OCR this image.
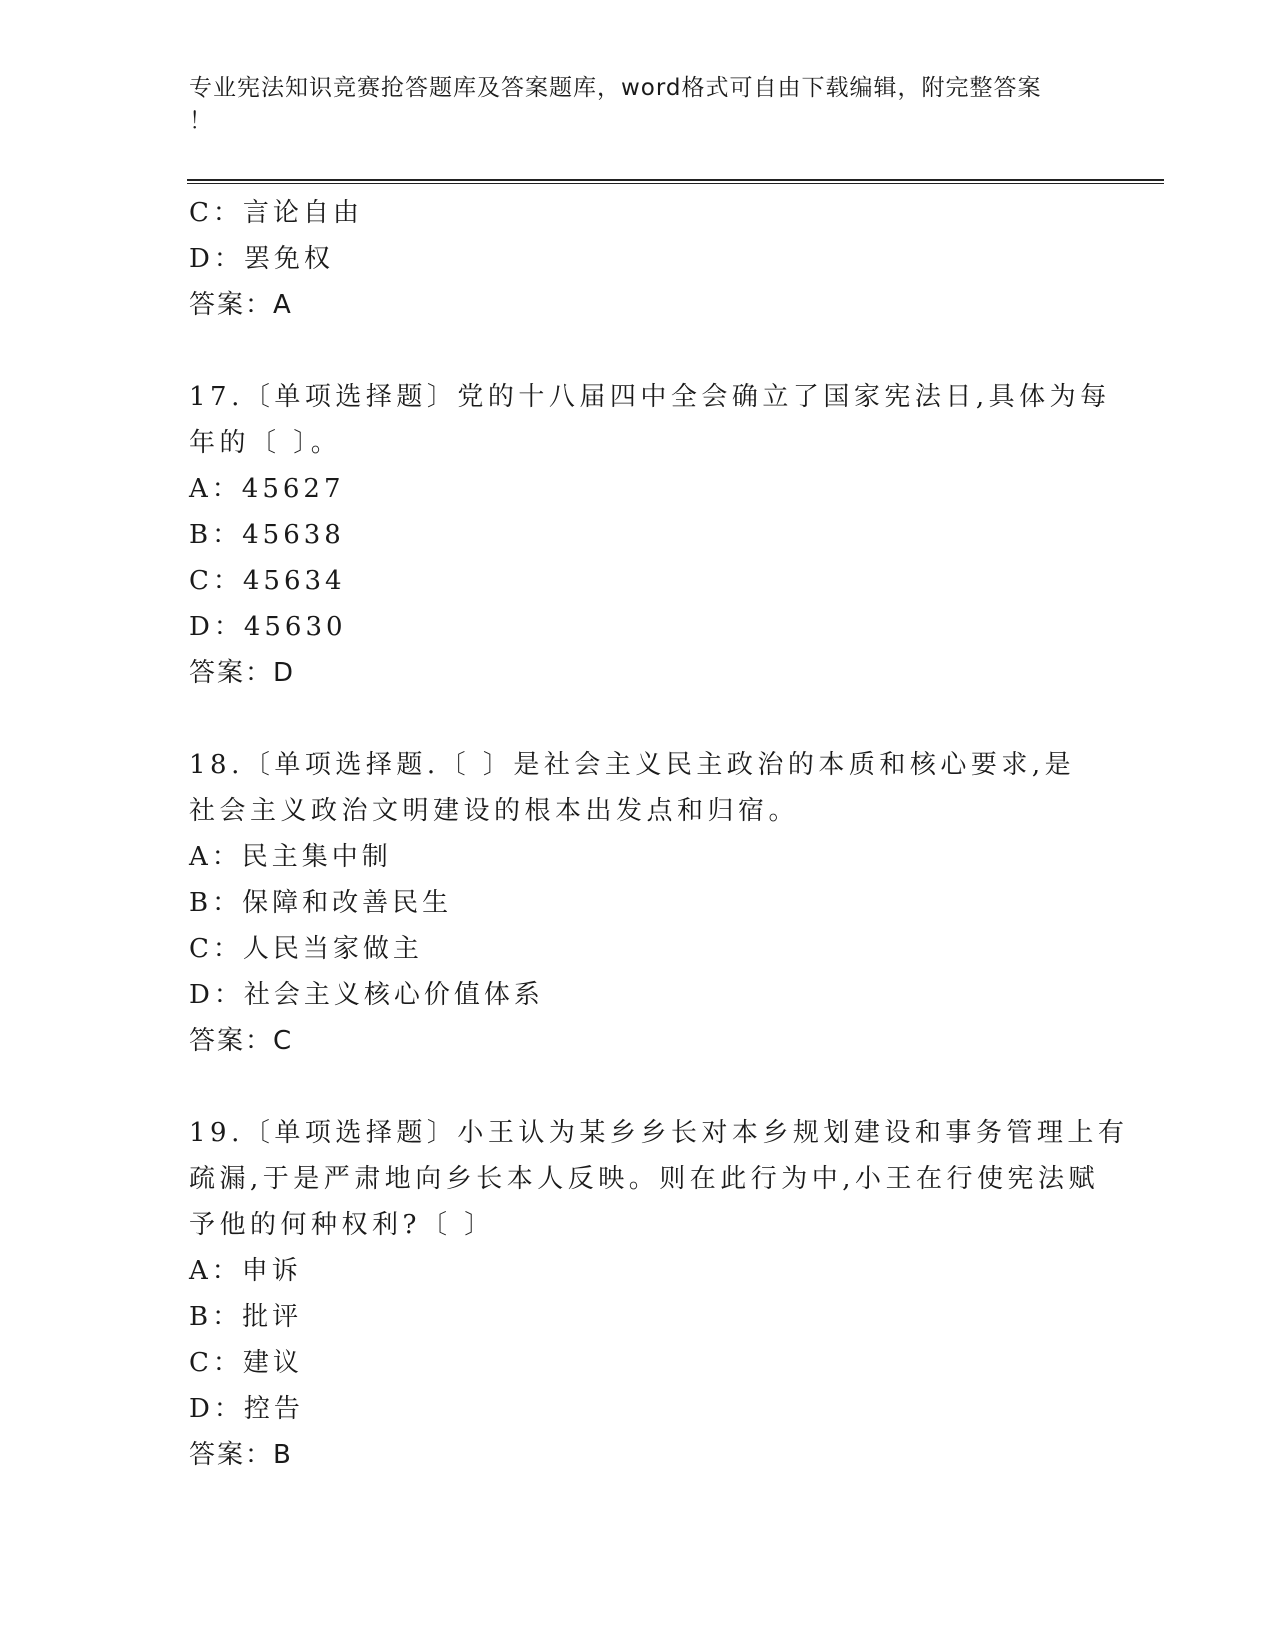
专业宪法知识竞赛抢答题库及答案题库，word格式可自由下载编辑，附完整答案
！
C：言论自由
D：罢免权
答案：A
17.〔单项选择题〕党的十八届四中全会确立了国家宪法日,具体为每
年的〔 〕。
A：45627
B：45638
C：45634
D：45630
答案：D
18.〔单项选择题.〔 〕是社会主义民主政治的本质和核心要求,是
社会主义政治文明建设的根本出发点和归宿。
A：民主集中制
B：保障和改善民生
C：人民当家做主
D：社会主义核心价值体系
答案：C
19.〔单项选择题〕小王认为某乡乡长对本乡规划建设和事务管理上有
疏漏,于是严肃地向乡长本人反映。则在此行为中,小王在行使宪法赋
予他的何种权利?〔 〕
A：申诉
B：批评
C：建议
D：控告
答案：B
